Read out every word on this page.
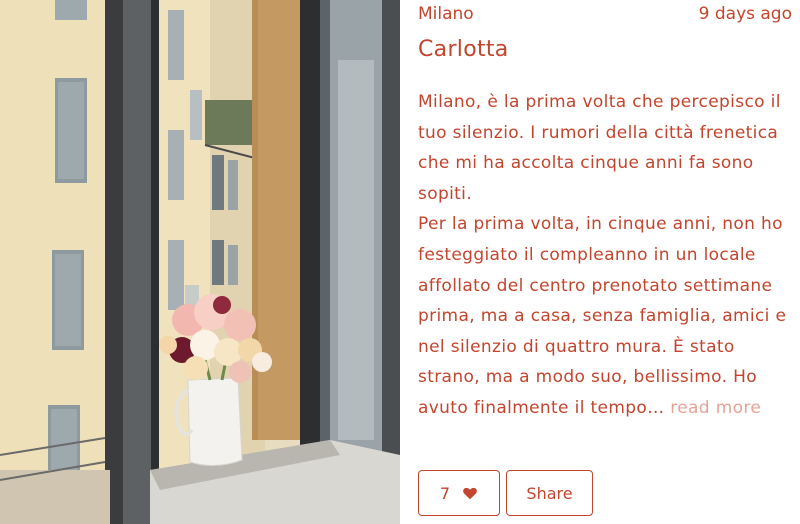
Milano	9 days ago
Carlotta

Milano, è la prima volta che percepisco il tuo silenzio. I rumori della città frenetica che mi ha accolta cinque anni fa sono sopiti.

Per la prima volta, in cinque anni, non ho festeggiato il compleanno in un locale affollato del centro prenotato settimane prima, ma a casa, senza famiglia, amici e nel silenzio di quattro mura. È stato strano, ma a modo suo, bellissimo. Ho avuto finalmente il tempo… read more

7	Share
